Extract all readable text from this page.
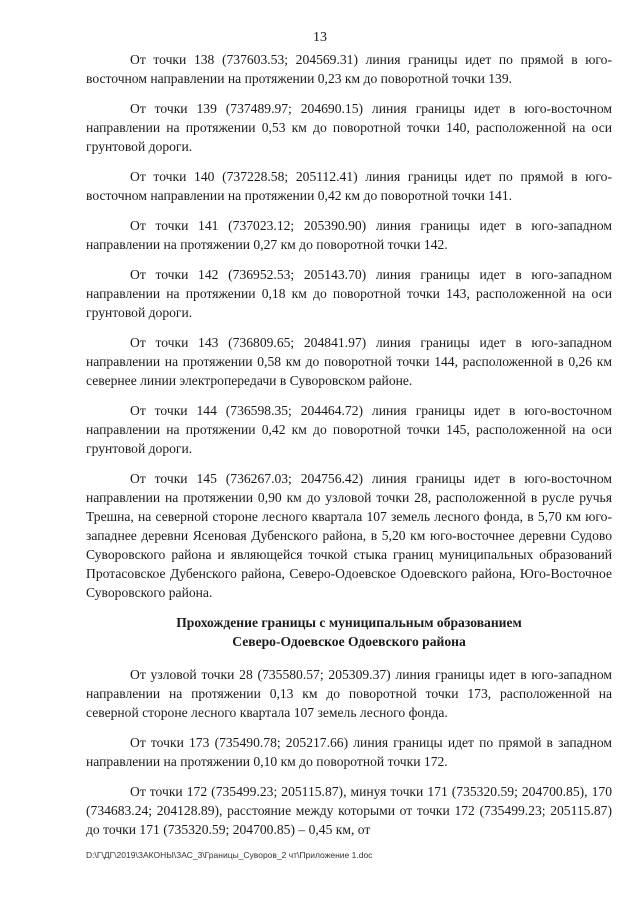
13

От точки 138 (737603.53; 204569.31) линия границы идет по прямой в юго-восточном направлении на протяжении 0,23 км до поворотной точки 139.

От точки 139 (737489.97; 204690.15) линия границы идет в юго-восточном направлении на протяжении 0,53 км до поворотной точки 140, расположенной на оси грунтовой дороги.

От точки 140 (737228.58; 205112.41) линия границы идет по прямой в юго-восточном направлении на протяжении 0,42 км до поворотной точки 141.

От точки 141 (737023.12; 205390.90) линия границы идет в юго-западном направлении на протяжении 0,27 км до поворотной точки 142.

От точки 142 (736952.53; 205143.70) линия границы идет в юго-западном направлении на протяжении 0,18 км до поворотной точки 143, расположенной на оси грунтовой дороги.

От точки 143 (736809.65; 204841.97) линия границы идет в юго-западном направлении на протяжении 0,58 км до поворотной точки 144, расположенной в 0,26 км севернее линии электропередачи в Суворовском районе.

От точки 144 (736598.35; 204464.72) линия границы идет в юго-восточном направлении на протяжении 0,42 км до поворотной точки 145, расположенной на оси грунтовой дороги.

От точки 145 (736267.03; 204756.42) линия границы идет в юго-восточном направлении на протяжении 0,90 км до узловой точки 28, расположенной в русле ручья Трешна, на северной стороне лесного квартала 107 земель лесного фонда, в 5,70 км юго-западнее деревни Ясеновая Дубенского района, в 5,20 км юго-восточнее деревни Судово Суворовского района и являющейся точкой стыка границ муниципальных образований Протасовское Дубенского района, Северо-Одоевское Одоевского района, Юго-Восточное Суворовского района.

Прохождение границы с муниципальным образованием
Северо-Одоевское Одоевского района

От узловой точки 28 (735580.57; 205309.37) линия границы идет в юго-западном направлении на протяжении 0,13 км до поворотной точки 173, расположенной на северной стороне лесного квартала 107 земель лесного фонда.

От точки 173 (735490.78; 205217.66) линия границы идет по прямой в западном направлении на протяжении 0,10 км до поворотной точки 172.

От точки 172 (735499.23; 205115.87), минуя точки 171 (735320.59; 204700.85), 170 (734683.24; 204128.89), расстояние между которыми от точки 172 (735499.23; 205115.87) до точки 171 (735320.59; 204700.85) – 0,45 км, от

D:\Г\ДГ\2019\ЗАКОНЫ\ЗАС_3\Границы_Суворов_2 чт\Приложение 1.doc
